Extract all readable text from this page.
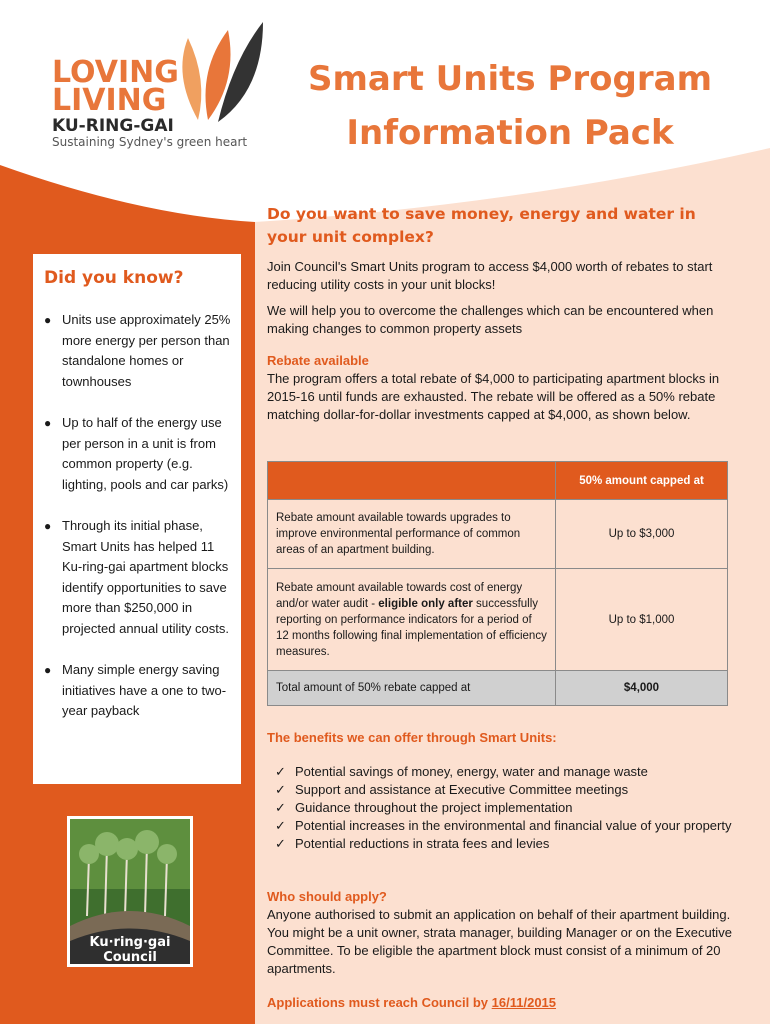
LOVING
LIVING
KU-RING-GAI
Sustaining Sydney's green heart
Smart Units Program
Information Pack
Did you know?
● Units use approximately 25% more energy per person than standalone homes or townhouses
● Up to half of the energy use per person in a unit is from common property (e.g. lighting, pools and car parks)
● Through its initial phase, Smart Units has helped 11 Ku-ring-gai apartment blocks identify opportunities to save more than $250,000 in projected annual utility costs.
● Many simple energy saving initiatives have a one to two-year payback
Ku·ring·gai
Council
Do you want to save money, energy and water in your unit complex?

Join Council's Smart Units program to access $4,000 worth of rebates to start reducing utility costs in your unit blocks!

We will help you to overcome the challenges which can be encountered when making changes to common property assets

Rebate available

The program offers a total rebate of $4,000 to participating apartment blocks in 2015-16 until funds are exhausted. The rebate will be offered as a 50% rebate matching dollar-for-dollar investments capped at $4,000, as shown below.

	50% amount capped at
Rebate amount available towards upgrades to improve environmental performance of common areas of an apartment building.	Up to $3,000
Rebate amount available towards cost of energy and/or water audit - eligible only after successfully reporting on performance indicators for a period of 12 months following final implementation of efficiency measures.	Up to $1,000
Total amount of 50% rebate capped at	$4,000
The benefits we can offer through Smart Units:
✓ Potential savings of money, energy, water and manage waste
✓ Support and assistance at Executive Committee meetings
✓ Guidance throughout the project implementation
✓ Potential increases in the environmental and financial value of your property
✓ Potential reductions in strata fees and levies
Who should apply?
Anyone authorised to submit an application on behalf of their apartment building. You might be a unit owner, strata manager, building Manager or on the Executive Committee. To be eligible the apartment block must consist of a minimum of 20 apartments.
Applications must reach Council by 16/11/2015
